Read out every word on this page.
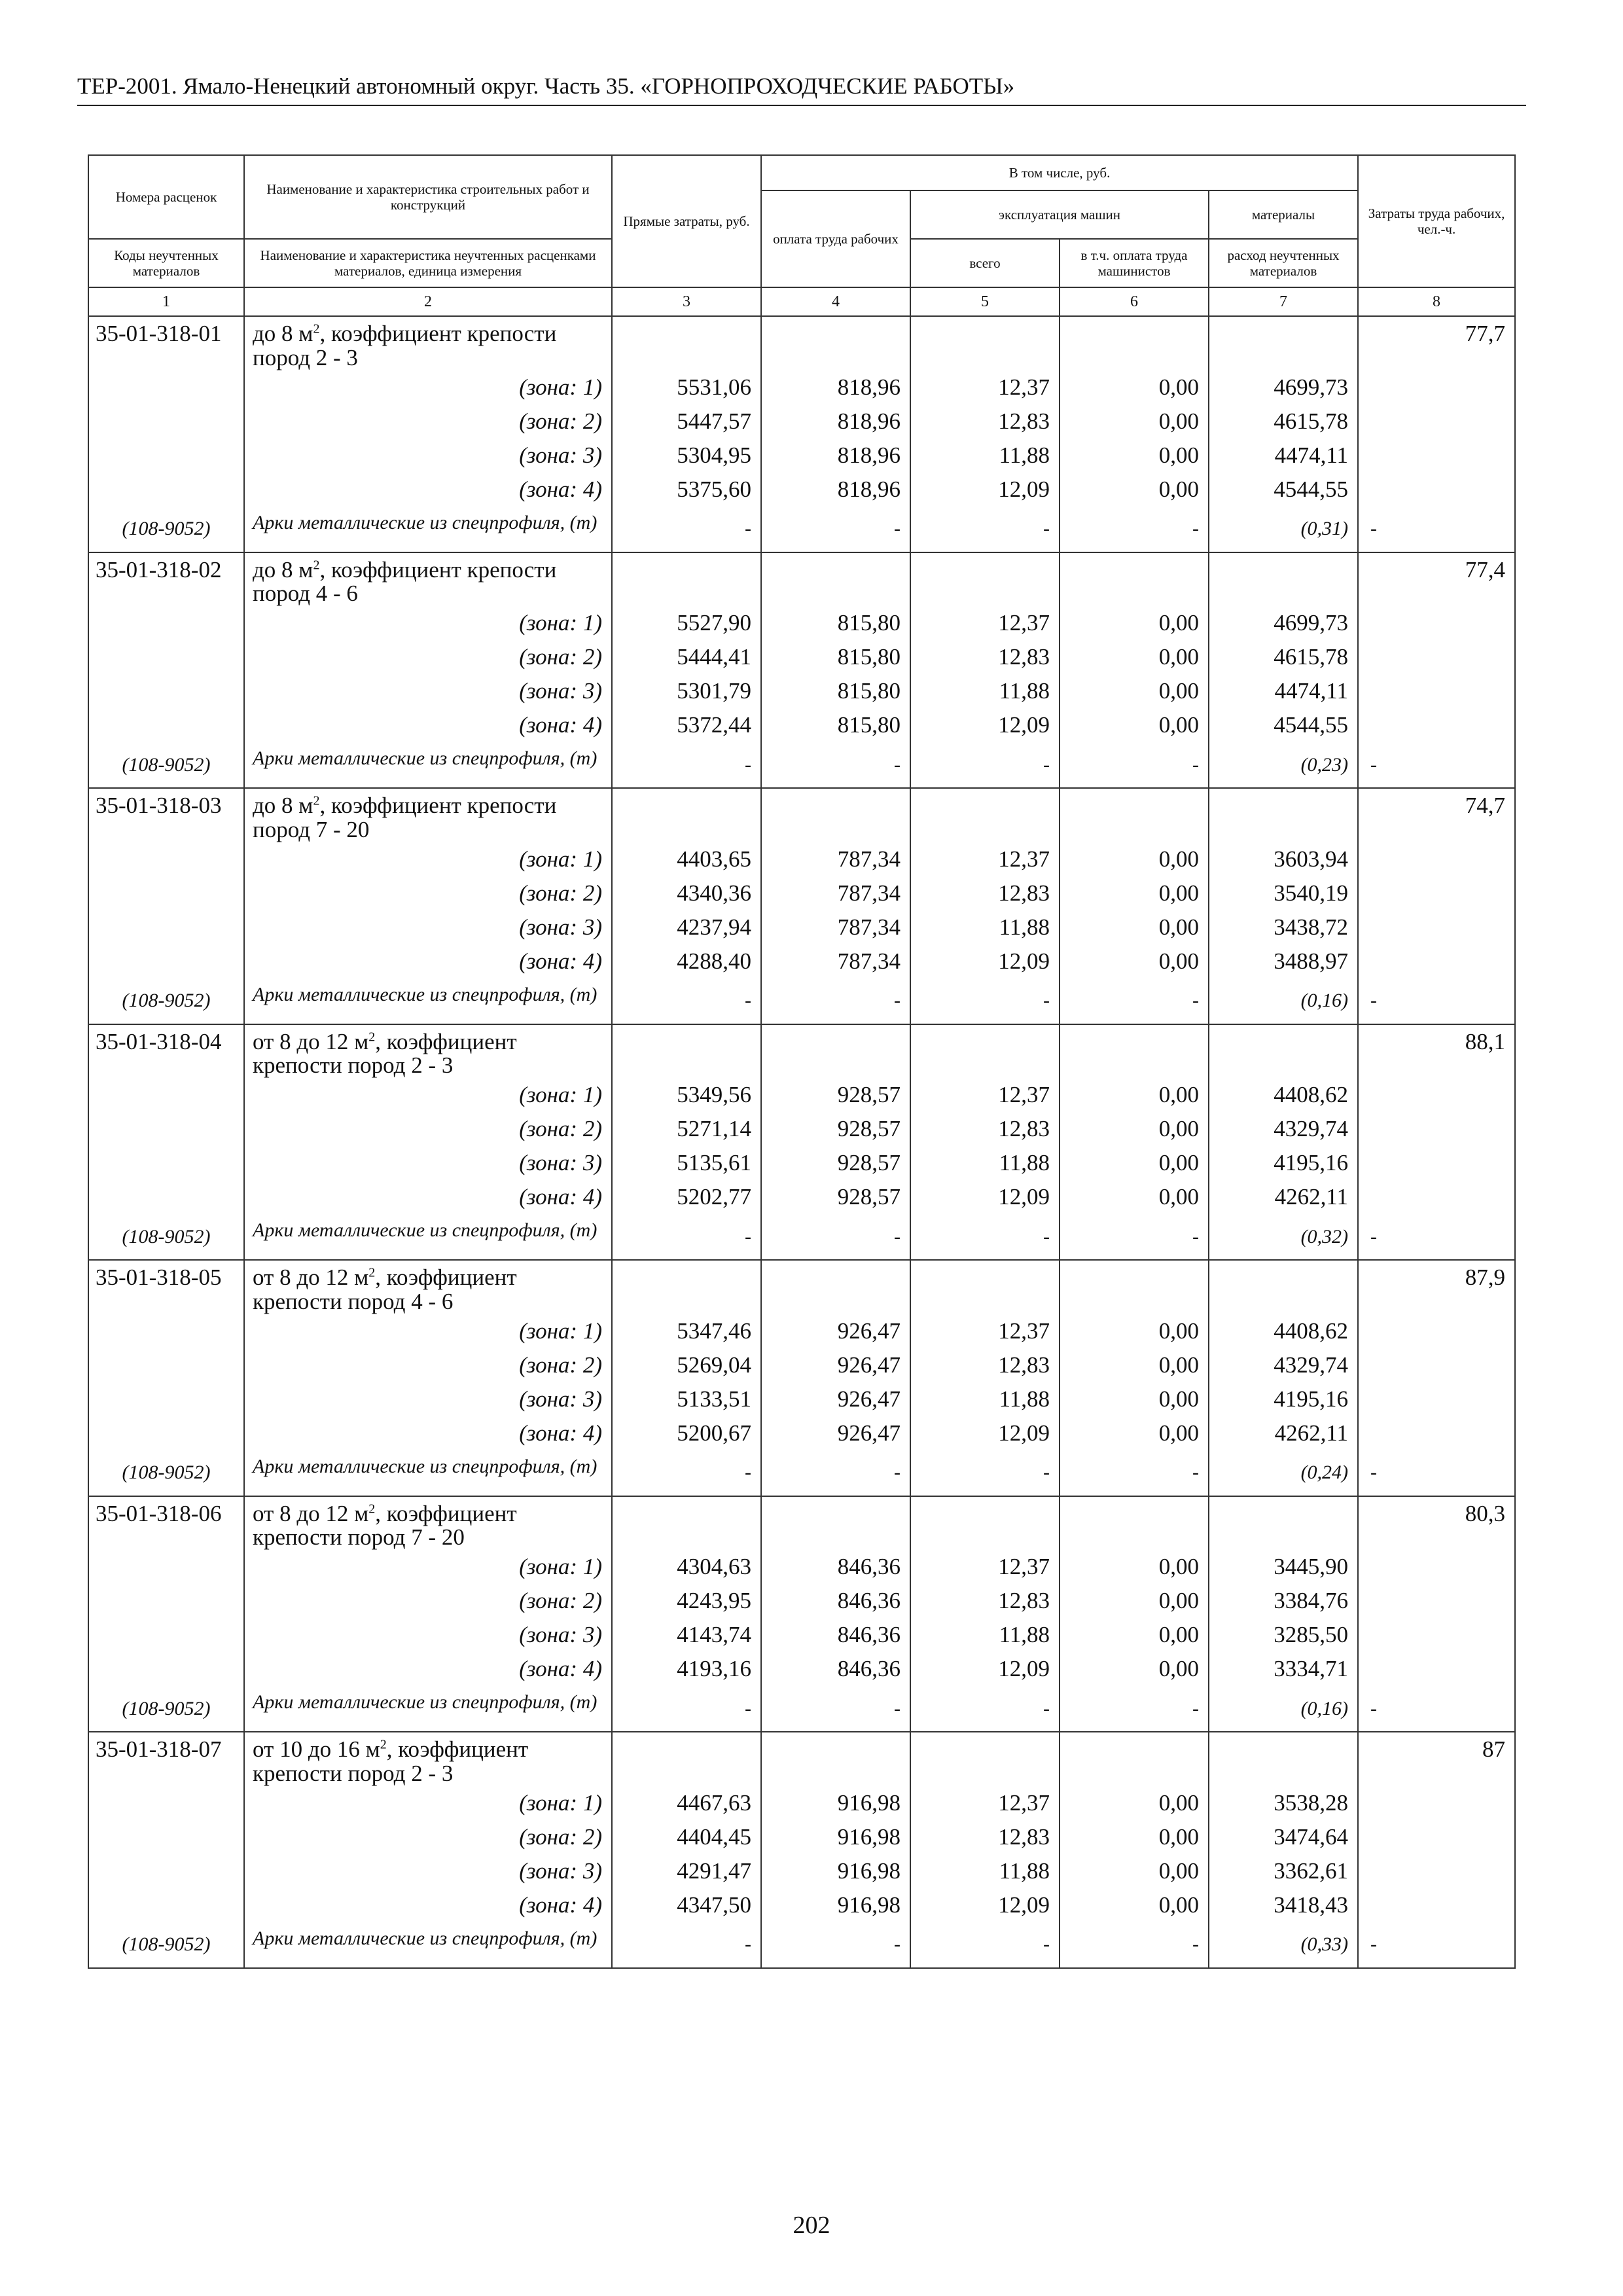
ТЕР-2001. Ямало-Ненецкий автономный округ. Часть 35. «ГОРНОПРОХОДЧЕСКИЕ РАБОТЫ»
Номера расценок	Наименование и характеристика строительных работ и конструкций	Прямые затраты, руб.	В том числе, руб.				Затраты труда рабочих, чел.-ч.
			оплата труда рабочих	эксплуатация машин		материалы	
				всего	в т.ч. оплата труда машинистов	расход неучтенных материалов	
Коды неучтенных материалов	Наименование и характеристика неучтенных расценками материалов, единица измерения						

1	2	3	4	5	6	7	8
35-01-318-01	до 8 $м^2$, коэффициент крепости пород 2 - 3						77,7

	(зона: 1)	5531,06	818,96	12,37	0,00	4699,73	
	(зона: 2)	5447,57	818,96	12,83	0,00	4615,78	
	(зона: 3)	5304,95	818,96	11,88	0,00	4474,11	
	(зона: 4)	5375,60	818,96	12,09	0,00	4544,55	
(108-9052)	Арки металлические из спецпрофиля, (т)	-	-	-	-	(0,31)	-
35-01-318-02	до 8 $м^2$, коэффициент крепости пород 4 - 6						77,4

	(зона: 1)	5527,90	815,80	12,37	0,00	4699,73	
	(зона: 2)	5444,41	815,80	12,83	0,00	4615,78	
	(зона: 3)	5301,79	815,80	11,88	0,00	4474,11	
	(зона: 4)	5372,44	815,80	12,09	0,00	4544,55	
(108-9052)	Арки металлические из спецпрофиля, (т)	-	-	-	-	(0,23)	-
35-01-318-03	до 8 $м^2$, коэффициент крепости пород 7 - 20						74,7

	(зона: 1)	4403,65	787,34	12,37	0,00	3603,94	
	(зона: 2)	4340,36	787,34	12,83	0,00	3540,19	
	(зона: 3)	4237,94	787,34	11,88	0,00	3438,72	
	(зона: 4)	4288,40	787,34	12,09	0,00	3488,97	
(108-9052)	Арки металлические из спецпрофиля, (т)	-	-	-	-	(0,16)	-
35-01-318-04	от 8 до 12 $м^2$, коэффициент крепости пород 2 - 3						88,1

	(зона: 1)	5349,56	928,57	12,37	0,00	4408,62	
	(зона: 2)	5271,14	928,57	12,83	0,00	4329,74	
	(зона: 3)	5135,61	928,57	11,88	0,00	4195,16	
	(зона: 4)	5202,77	928,57	12,09	0,00	4262,11	
(108-9052)	Арки металлические из спецпрофиля, (т)	-	-	-	-	(0,32)	-
35-01-318-05	от 8 до 12 $м^2$, коэффициент крепости пород 4 - 6						87,9

	(зона: 1)	5347,46	926,47	12,37	0,00	4408,62	
	(зона: 2)	5269,04	926,47	12,83	0,00	4329,74	
	(зона: 3)	5133,51	926,47	11,88	0,00	4195,16	
	(зона: 4)	5200,67	926,47	12,09	0,00	4262,11	
(108-9052)	Арки металлические из спецпрофиля, (т)	-	-	-	-	(0,24)	-
35-01-318-06	от 8 до 12 $м^2$, коэффициент крепости пород 7 - 20						80,3

	(зона: 1)	4304,63	846,36	12,37	0,00	3445,90	
	(зона: 2)	4243,95	846,36	12,83	0,00	3384,76	
	(зона: 3)	4143,74	846,36	11,88	0,00	3285,50	
	(зона: 4)	4193,16	846,36	12,09	0,00	3334,71	
(108-9052)	Арки металлические из спецпрофиля, (т)	-	-	-	-	(0,16)	-
35-01-318-07	от 10 до 16 $м^2$, коэффициент крепости пород 2 - 3						87

	(зона: 1)	4467,63	916,98	12,37	0,00	3538,28	
	(зона: 2)	4404,45	916,98	12,83	0,00	3474,64	
	(зона: 3)	4291,47	916,98	11,88	0,00	3362,61	
	(зона: 4)	4347,50	916,98	12,09	0,00	3418,43	
(108-9052)	Арки металлические из спецпрофиля, (т)	-	-	-	-	(0,33)	-
202
